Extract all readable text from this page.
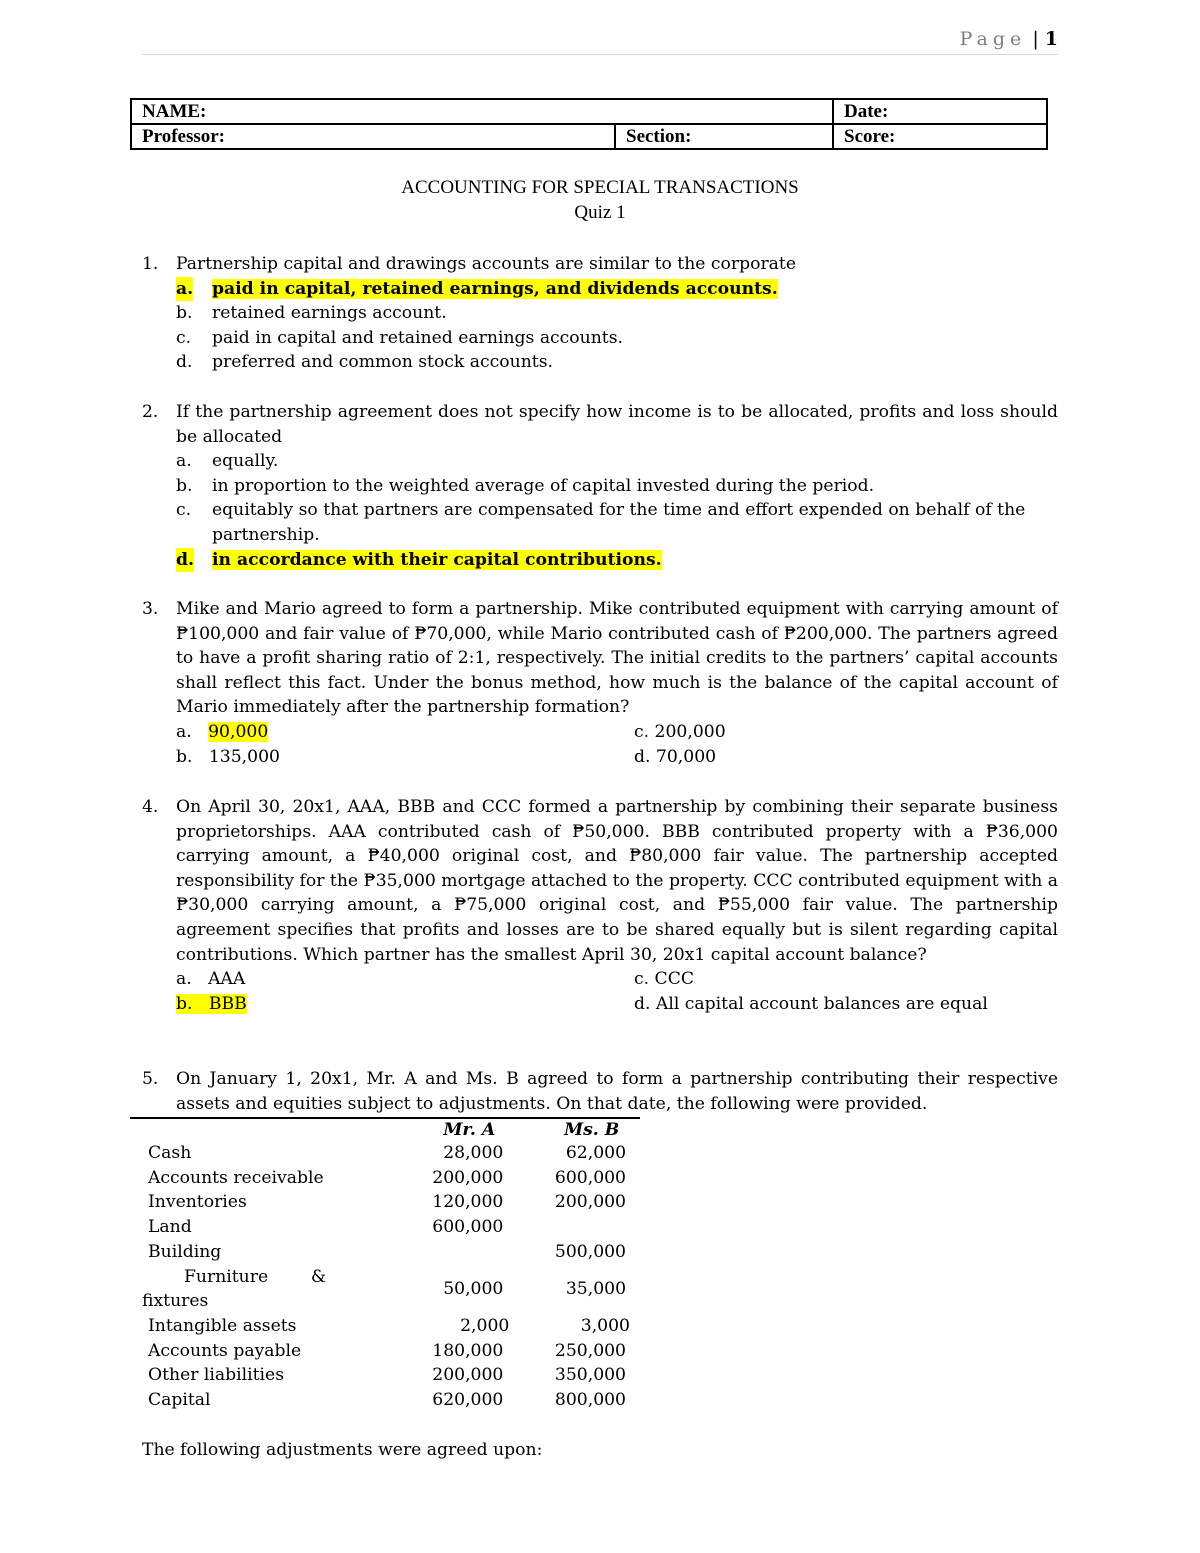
Page | 1
NAME:		Date:
Professor:	Section:	Score:
ACCOUNTING FOR SPECIAL TRANSACTIONS
Quiz 1
1. Partnership capital and drawings accounts are similar to the corporate
a. paid in capital, retained earnings, and dividends accounts.
b. retained earnings account.
c. paid in capital and retained earnings accounts.
d. preferred and common stock accounts.
2. If the partnership agreement does not specify how income is to be allocated, profits and loss should be allocated
a. equally.
b. in proportion to the weighted average of capital invested during the period.
c. equitably so that partners are compensated for the time and effort expended on behalf of the partnership.
d. in accordance with their capital contributions.
3. Mike and Mario agreed to form a partnership. Mike contributed equipment with carrying amount of ₱100,000 and fair value of ₱70,000, while Mario contributed cash of ₱200,000. The partners agreed to have a profit sharing ratio of 2:1, respectively. The initial credits to the partners’ capital accounts shall reflect this fact. Under the bonus method, how much is the balance of the capital account of Mario immediately after the partnership formation?
a. 90,000	c. 200,000
b. 135,000	d. 70,000
4. On April 30, 20x1, AAA, BBB and CCC formed a partnership by combining their separate business proprietorships. AAA contributed cash of ₱50,000. BBB contributed property with a ₱36,000 carrying amount, a ₱40,000 original cost, and ₱80,000 fair value. The partnership accepted responsibility for the ₱35,000 mortgage attached to the property. CCC contributed equipment with a ₱30,000 carrying amount, a ₱75,000 original cost, and ₱55,000 fair value. The partnership agreement specifies that profits and losses are to be shared equally but is silent regarding capital contributions. Which partner has the smallest April 30, 20x1 capital account balance?
a. AAA	c. CCC
b. BBB	d. All capital account balances are equal
5. On January 1, 20x1, Mr. A and Ms. B agreed to form a partnership contributing their respective assets and equities subject to adjustments. On that date, the following were provided.
	Mr. A	Ms. B
Cash	28,000	62,000
Accounts receivable	200,000	600,000
Inventories	120,000	200,000
Land	600,000	
Building		500,000

Furniture &
fixtures	50,000	35,000
Intangible assets	2,000	3,000
Accounts payable	180,000	250,000
Other liabilities	200,000	350,000
Capital	620,000	800,000
The following adjustments were agreed upon:
